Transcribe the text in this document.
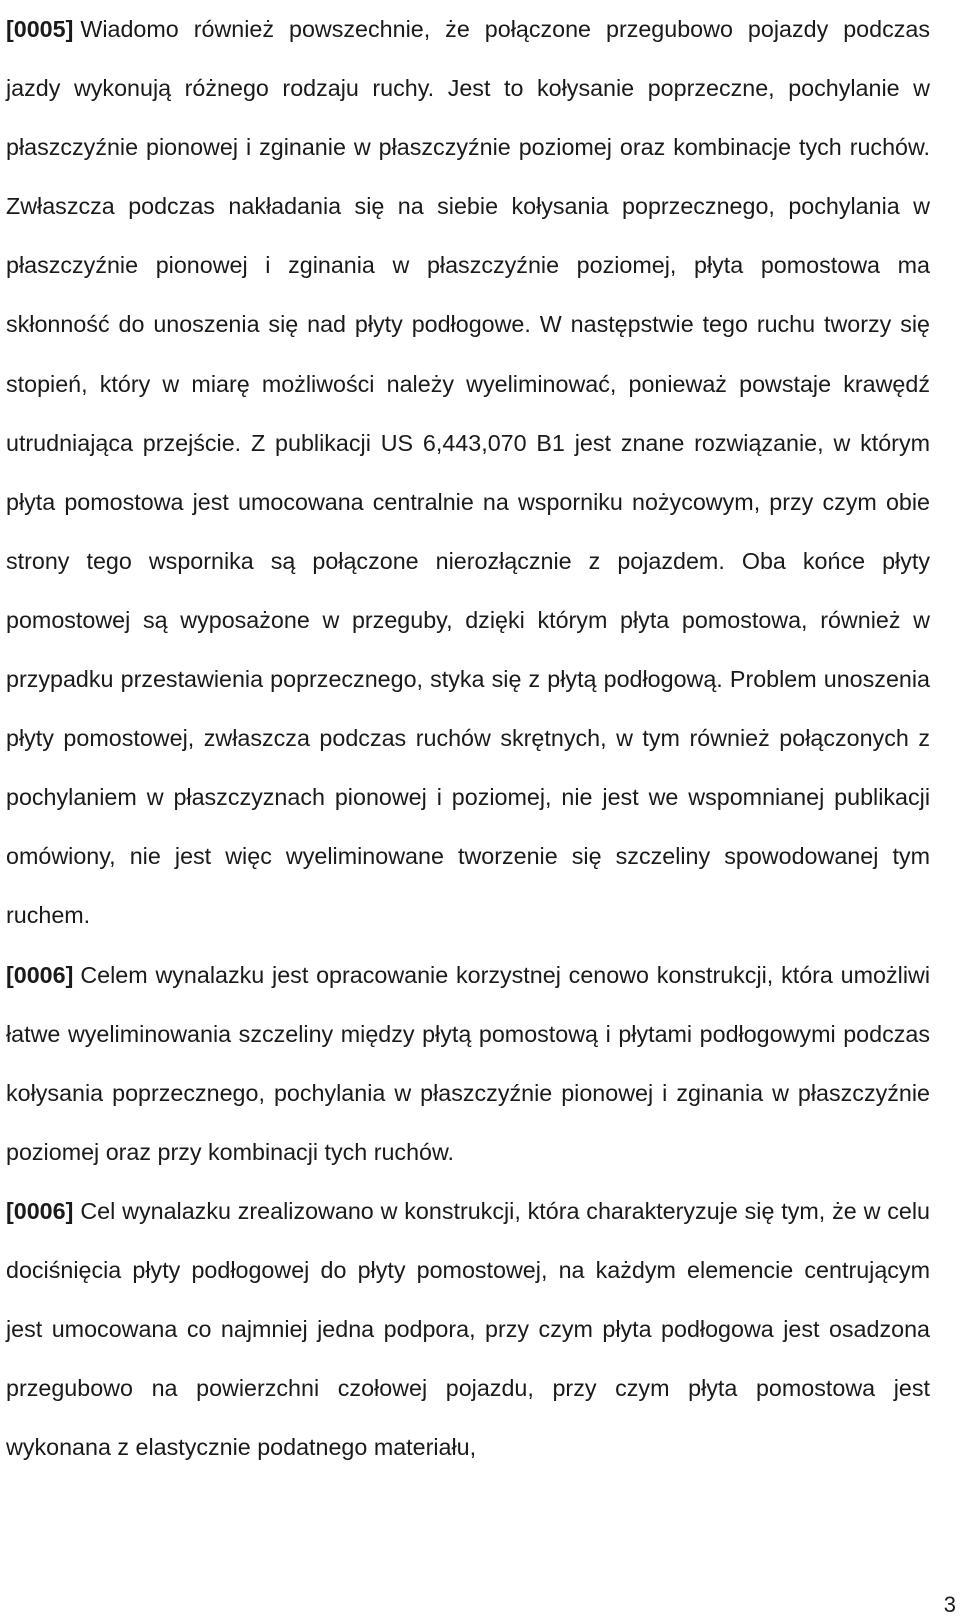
[0005] Wiadomo również powszechnie, że połączone przegubowo pojazdy podczas jazdy wykonują różnego rodzaju ruchy. Jest to kołysanie poprzeczne, pochylanie w płaszczyźnie pionowej i zginanie w płaszczyźnie poziomej oraz kombinacje tych ruchów. Zwłaszcza podczas nakładania się na siebie kołysania poprzecznego, pochylania w płaszczyźnie pionowej i zginania w płaszczyźnie poziomej, płyta pomostowa ma skłonność do unoszenia się nad płyty podłogowe. W następstwie tego ruchu tworzy się stopień, który w miarę możliwości należy wyeliminować, ponieważ powstaje krawędź utrudniająca przejście. Z publikacji US 6,443,070 B1 jest znane rozwiązanie, w którym płyta pomostowa jest umocowana centralnie na wsporniku nożycowym, przy czym obie strony tego wspornika są połączone nierozłącznie z pojazdem. Oba końce płyty pomostowej są wyposażone w przeguby, dzięki którym płyta pomostowa, również w przypadku przestawienia poprzecznego, styka się z płytą podłogową. Problem unoszenia płyty pomostowej, zwłaszcza podczas ruchów skrętnych, w tym również połączonych z pochylaniem w płaszczyznach pionowej i poziomej, nie jest we wspomnianej publikacji omówiony, nie jest więc wyeliminowane tworzenie się szczeliny spowodowanej tym ruchem.

[0006] Celem wynalazku jest opracowanie korzystnej cenowo konstrukcji, która umożliwi łatwe wyeliminowania szczeliny między płytą pomostową i płytami podłogowymi podczas kołysania poprzecznego, pochylania w płaszczyźnie pionowej i zginania w płaszczyźnie poziomej oraz przy kombinacji tych ruchów.

[0006] Cel wynalazku zrealizowano w konstrukcji, która charakteryzuje się tym, że w celu dociśnięcia płyty podłogowej do płyty pomostowej, na każdym elemencie centrującym jest umocowana co najmniej jedna podpora, przy czym płyta podłogowa jest osadzona przegubowo na powierzchni czołowej pojazdu, przy czym płyta pomostowa jest wykonana z elastycznie podatnego materiału,

3
